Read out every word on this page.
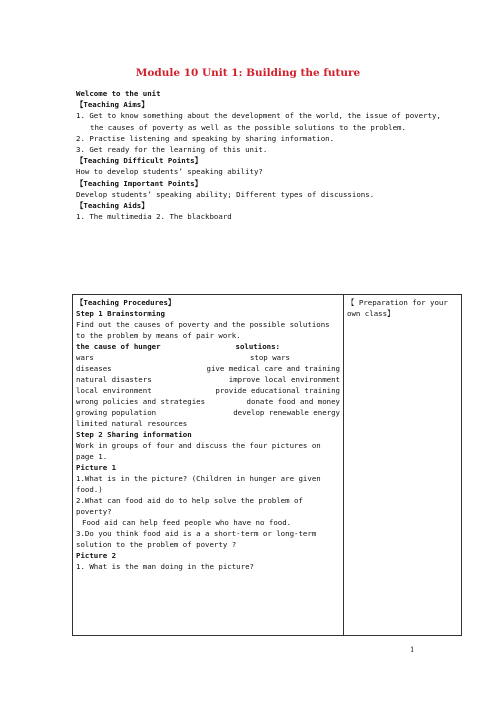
Module 10 Unit 1: Building the future
Welcome to the unit
【Teaching Aims】
1. Get to know something about the development of the world, the issue of poverty,
the causes of poverty as well as the possible solutions to the problem.
2. Practise listening and speaking by sharing information.
3. Get ready for the learning of this unit.
【Teaching Difficult Points】
How to develop students’ speaking ability?
【Teaching Important Points】
Develop students’ speaking ability; Different types of discussions.
【Teaching Aids】
1. The multimedia 2. The blackboard
【Teaching Procedures】
Step 1 Brainstorming
Find out the causes of poverty and the possible solutions to the problem by means of pair work.
the cause of hunger	solutions:
wars	stop wars
diseases	give medical care and training
natural disasters	improve local environment
local environment	provide educational training
wrong policies and strategies	donate food and money
growing population	develop renewable energy
limited natural resources
Step 2 Sharing information
Work in groups of four and discuss the four pictures on page 1.
Picture 1
1.What is in the picture? (Children in hunger are given food.)
2.What can food aid do to help solve the problem of poverty?
Food aid can help feed people who have no food.
3.Do you think food aid is a a short-term or long-term solution to the problem of poverty ?
Picture 2
1. What is the man doing in the picture?

【 Preparation for your own class】
1
